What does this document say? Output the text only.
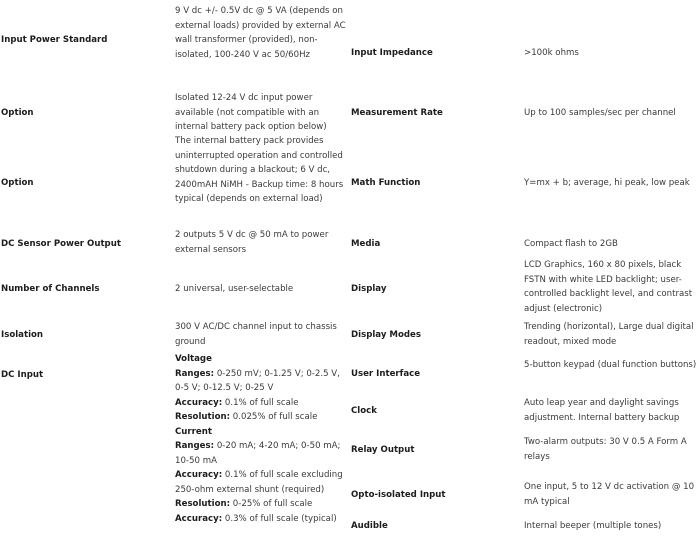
Input Power Standard
Option
Option
DC Sensor Power Output
Number of Channels
Isolation
DC Input
9 V dc +/- 0.5V dc @ 5 VA (depends on external loads) provided by external AC wall transformer (provided), non-isolated, 100-240 V ac 50/60Hz
Isolated 12-24 V dc input power available (not compatible with an internal battery pack option below)
The internal battery pack provides uninterrupted operation and controlled shutdown during a blackout; 6 V dc, 2400mAH NiMH - Backup time: 8 hours typical (depends on external load)
2 outputs 5 V dc @ 50 mA to power external sensors
2 universal, user-selectable
300 V AC/DC channel input to chassis ground
Voltage
Ranges: 0-250 mV; 0-1.25 V; 0-2.5 V, 0-5 V; 0-12.5 V; 0-25 V
Accuracy: 0.1% of full scale
Resolution: 0.025% of full scale
Current
Ranges: 0-20 mA; 4-20 mA; 0-50 mA; 10-50 mA
Accuracy: 0.1% of full scale excluding 250-ohm external shunt (required)
Resolution: 0-25% of full scale
Accuracy: 0.3% of full scale (typical)
Input Impedance
Measurement Rate
Math Function
Media
Display
Display Modes
User Interface
Clock
Relay Output
Opto-isolated Input
Audible
>100k ohms
Up to 100 samples/sec per channel
Y=mx + b; average, hi peak, low peak
Compact flash to 2GB
LCD Graphics, 160 x 80 pixels, black FSTN with white LED backlight; user-controlled backlight level, and contrast adjust (electronic)
Trending (horizontal), Large dual digital readout, mixed mode
5-button keypad (dual function buttons)
Auto leap year and daylight savings adjustment. Internal battery backup
Two-alarm outputs: 30 V 0.5 A Form A relays
One input, 5 to 12 V dc activation @ 10 mA typical
Internal beeper (multiple tones)
